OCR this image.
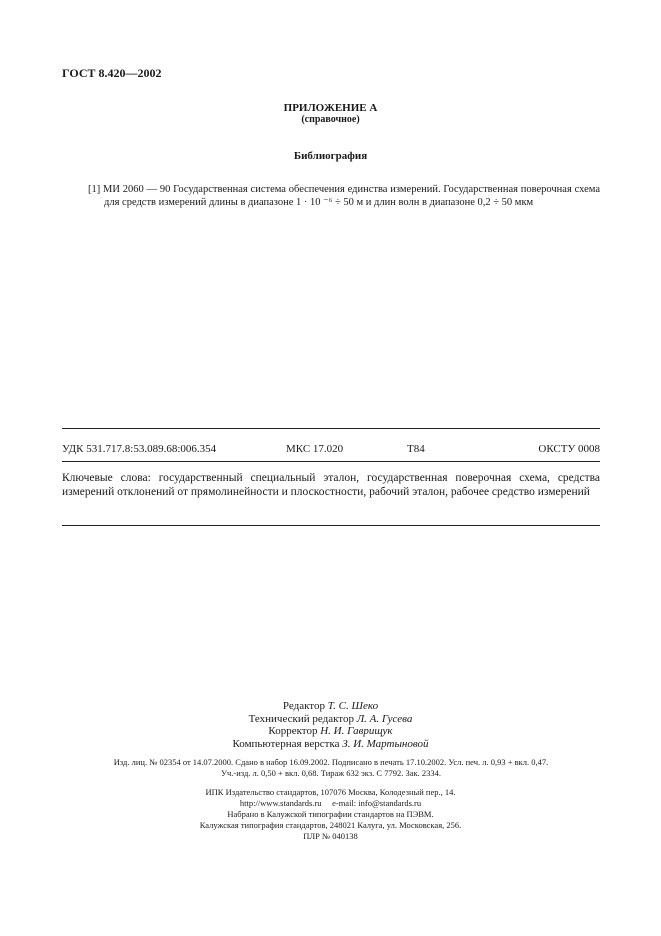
ГОСТ 8.420—2002
ПРИЛОЖЕНИЕ А
(справочное)
Библиография
[1] МИ 2060 — 90 Государственная система обеспечения единства измерений. Государственная поверочная схема для средств измерений длины в диапазоне 1 · 10 ⁻⁶ ÷ 50 м и длин волн в диапазоне 0,2 ÷ 50 мкм
УДК 531.717.8:53.089.68:006.354	МКС 17.020	Т84	ОКСТУ 0008
Ключевые слова: государственный специальный эталон, государственная поверочная схема, средства измерений отклонений от прямолинейности и плоскостности, рабочий эталон, рабочее средство измерений
Редактор Т. С. Шеко
Технический редактор Л. А. Гусева
Корректор Н. И. Гаврищук
Компьютерная верстка З. И. Мартыновой
Изд. лиц. № 02354 от 14.07.2000. Сдано в набор 16.09.2002. Подписано в печать 17.10.2002. Усл. печ. л. 0,93 + вкл. 0,47.
Уч.-изд. л. 0,50 + вкл. 0,68. Тираж 632 экз. С 7792. Зак. 2334.
ИПК Издательство стандартов, 107076 Москва, Колодезный пер., 14.
http://www.standards.ru     e-mail: info@standards.ru
Набрано в Калужской типографии стандартов на ПЭВМ.
Калужская типография стандартов, 248021 Калуга, ул. Московская, 256.
ПЛР № 040138
